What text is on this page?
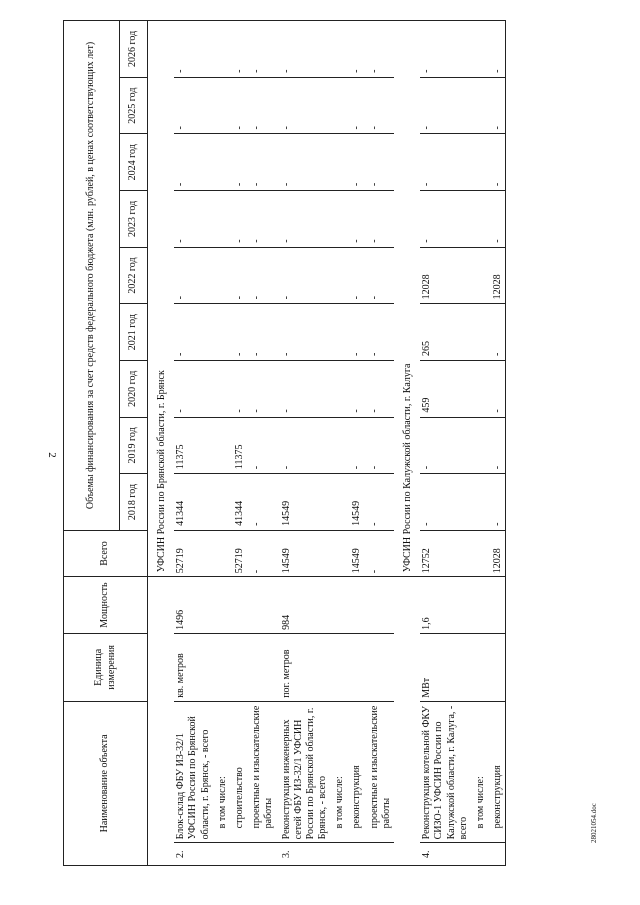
2
28021054.doc
Наименование объекта		Единица измерения	Мощность	Всего	Объемы финансирования за счет средств федерального бюджета (млн. рублей, в ценах соответствующих лет)								
					2018 год	2019 год	2020 год	2021 год	2022 год	2023 год	2024 год	2025 год	2026 год
				УФСИН России по Брянской области, г. Брянск									
2.	Блок-склад ФБУ ИЗ-32/1 УФСИН России по Брянской области, г. Брянск, - всего	кв. метров	1496	52719	41344	11375	-	-	-	-	-	-	-
	в том числе:												
	строительство			52719	41344	11375	-	-	-	-	-	-	-
	проектные и изыскательские работы			-	-	-	-	-	-	-	-	-	-
3.	Реконструкция инженерных сетей ФБУ ИЗ-32/1 УФСИН России по Брянской области, г. Брянск, - всего	пог. метров	984	14549	14549	-	-	-	-	-	-	-	-
	в том числе:												
	реконструкция			14549	14549	-	-	-	-	-	-	-	-
	проектные и изыскательские работы			-	-	-	-	-	-	-	-	-	-
				УФСИН России по Калужской области, г. Калуга									
4.	Реконструкция котельной ФКУ СИЗО-1 УФСИН России по Калужской области, г. Калуга, - всего	МВт	1,6	12752	-	-	459	265	12028	-	-	-	-
	в том числе:												
	реконструкция			12028	-	-	-	-	12028	-	-	-	-
